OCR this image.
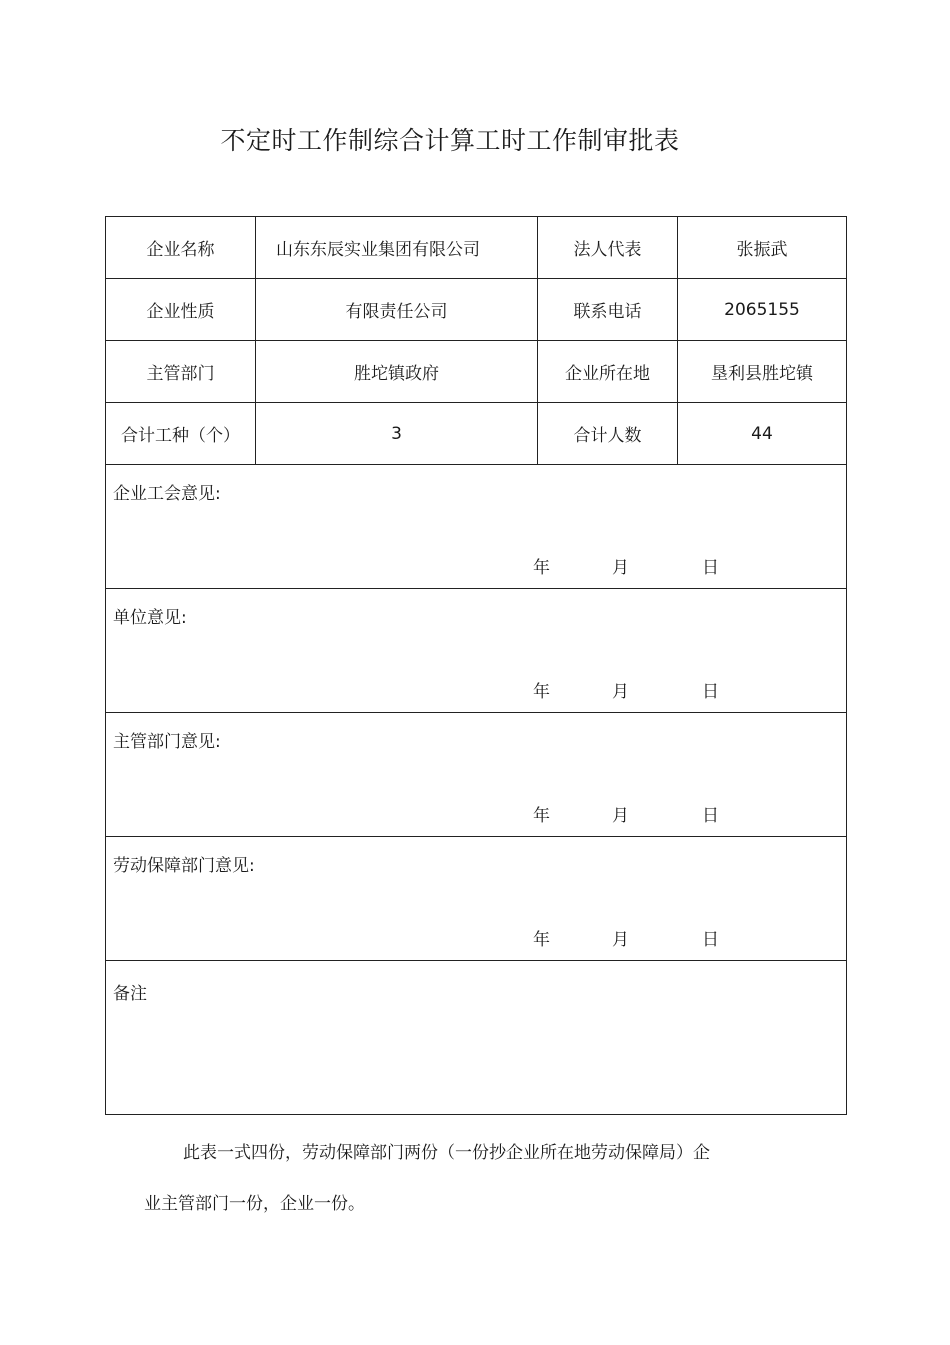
不定时工作制综合计算工时工作制审批表
企业名称	山东东辰实业集团有限公司	法人代表	张振武
企业性质	有限责任公司	联系电话	2065155
主管部门	胜坨镇政府	企业所在地	垦利县胜坨镇
合计工种（个）	3	合计人数	44

企业工会意见:
年 月 日			

单位意见:
年 月 日			

主管部门意见:
年 月 日			

劳动保障部门意见:
年 月 日			

备注			
此表一式四份，劳动保障部门两份（一份抄企业所在地劳动保障局）企
业主管部门一份，企业一份。
